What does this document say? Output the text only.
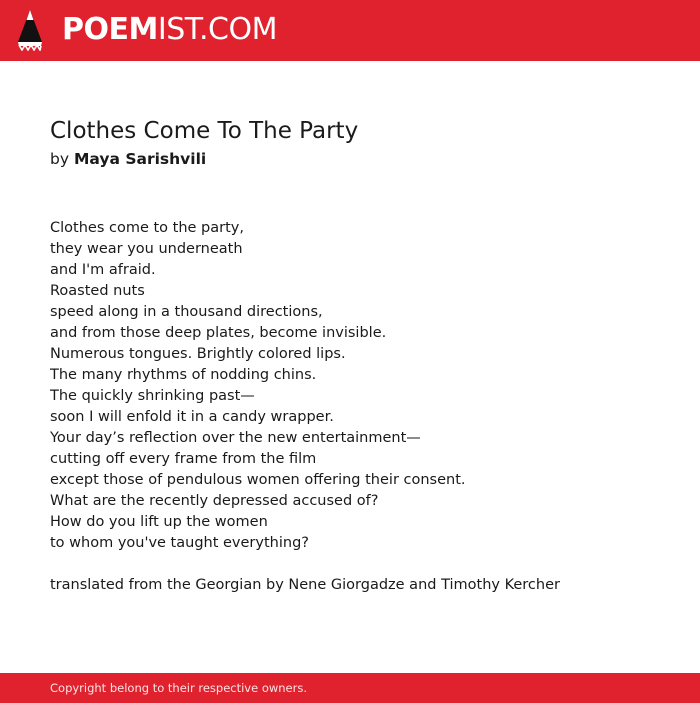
POEMIST.COM
Clothes Come To The Party
by Maya Sarishvili
Clothes come to the party,
they wear you underneath
and I'm afraid.
Roasted nuts
speed along in a thousand directions,
and from those deep plates, become invisible.
Numerous tongues. Brightly colored lips.
The many rhythms of nodding chins.
The quickly shrinking past—
soon I will enfold it in a candy wrapper.
Your day’s reflection over the new entertainment—
cutting off every frame from the film
except those of pendulous women offering their consent.
What are the recently depressed accused of?
How do you lift up the women
to whom you've taught everything?
translated from the Georgian by Nene Giorgadze and Timothy Kercher
Copyright belong to their respective owners.
